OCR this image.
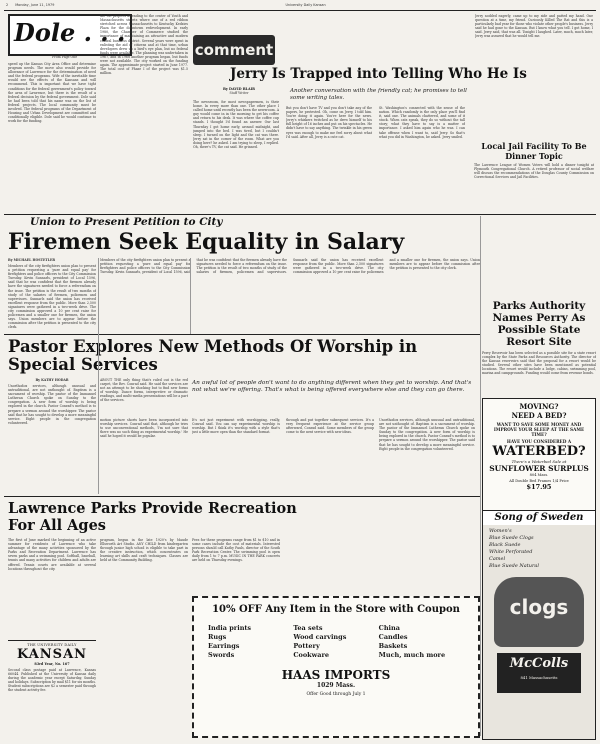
2 Monday, June 11, 1979	University Daily Kansan
Dole . . .
From Page One
speed up the Kansas City Area Office and determine program needs. The move also would provide for allowance of Lawrence for the determination of need and the federal programs. Wife of the inevitable time would see the effects of the Kansans and will recommend. This is important that we have tight conditions for the federal government's policy toward the area of Lawrence, but there is the result of a federal decision by the federal government. Dole said he had been told that his name was on the list of federal projects. The local community must be involved. The federal programs of the Department of Housing and Urban Development are committed and conditionally eligible. Dole said he would continue to work for the funding.
the CD projects attending to the center of Youth and Massachusetts streets where one of a red ribbon stretched across Massachusetts to Kentucky Kedzies Plaza for the downtown redevelopment. In early 1980, the Chamber of Commerce studied the importance of maintaining an attractive and modern central business district. Several years were spent in enlisting the aid of citizens and at that time, urban developers drew up a bird's eye plan, but no federal funds were available. The planning was undertaken in 1967, and in 1968 another program began, but funds were not available. The city worked on the funding again. The approximate project started in June 1977. The total cost of Phase I of the project was $1.5 million.
comment
Jerry Is Trapped into Telling Who He Is
By DAVID BLAIR
Staff Writer	Another conversation with the friendly cat; he promises to tell some writing tales.
The newsroom, for most newspapermen, is their home. In every more than one. The other place I called home until recently has been the newsroom. A guy would come in in the morning to get his coffee and return to his desk. It was where the coffee cup stands. I thought I'd found an answer. Our last Thursday I got home early, around midnight, and jumped into the bed. I was tired, but I couldn't sleep. I turned on the light and the cat was there. Jerry sat in the corner of the room. What are you doing here? he asked. I am trying to sleep, I replied. Oh, there's TV, the cat said. He grinned.
But you don't have TV and you don't take any of the papers, he protested. Oh, come on Jerry, I told him. You're doing it again. You're here for the news. Jerry's whiskers twitched as he drew himself to his full height of 16 inches and put on his spectacles. He didn't have to say anything. The twinkle in his green eyes was enough to make me feel sorry about what I'd said. After all, Jerry is a cute cat.
St. Washington's connected with the sense of the nation. Which randomly is the only place you'll find it, said one. The animals chattered, and some of it stuck. When cats speak, they do so without the tall story; what they have to say is a matter of importance. I asked him again who he was. I can take offense when I want to, said Jerry. So that's what you did in Washington, he asked. Jerry smiled.
Jerry nodded eagerly, came up to my side and patted my hand. One question at a time, my friend. Curiously Killed The Rat and this is a particularly bad year for those who violate other people's business. Jerry said he had gone to the Kansan. But I know what you tell. I got home, I said. Jerry said, that was all. Tonight I laughed. Later, much, much later, Jerry was assured that he would tell me.
Local Jail Facility To Be Dinner Topic
The Lawrence League of Women Voters will hold a dinner tonight at Plymouth Congregational Church. A retired professor of social welfare will discuss the recommendations of the Douglas County Commission on Correctional Services and Jail Facilities.
Union to Present Petition to City
Firemen Seek Equality in Salary
By MICHAEL HOSTETLER
Members of the city firefighters union plan to present a petition requesting a 'pure and equal pay' for firefighters and police officers to the City Commission Tuesday. Kevin Sunnarls, president of Local 1596, said that he was confident that the firemen already have the signatures needed to force a referendum on the issue. The petition is the result of two months of study of the salaries of firemen, policemen and supervisors. Sunnarls said the union has received excellent response from the public. More than 2,500 signatures were gathered in a two-week drive. The city commission approved a 10 per cent raise for policemen and a smaller one for firemen, the union says. Union members are to appear before the commission after the petition is presented to the city clerk.
Members of the city firefighters union plan to present a petition requesting a 'pure and equal pay' for firefighters and police officers to the City Commission Tuesday. Kevin Sunnarls, president of Local 1596, said that he was confident that the firemen already have the signatures needed to force a referendum on the issue. The petition is the result of two months of study of the salaries of firemen, policemen and supervisors. Sunnarls said the union has received excellent response from the public. More than 2,500 signatures were gathered in a two-week drive. The city commission approved a 10 per cent raise for policemen and a smaller one for firemen, the union says. Union members are to appear before the commission after the petition is presented to the city clerk.
Parks Authority Names Perry As Possible State Resort Site
Perry Reservoir has been selected as a possible site for a state resort complex by the State Parks and Resources Authority. The director of the Kansas reservoirs said that the proposal for a resort would be studied. Several other sites have been mentioned as potential locations. The resort would include a lodge, cabins, swimming pool, marina and campgrounds. Funding would come from revenue bonds.
Pastor Explores New Methods Of Worship in Special Services
By KATHY HODAR
Unorthodox services, although unusual and untraditional, are not unthought of. Baptism is a sacrament of worship. The pastor of the Immanuel Lutheran Church spoke on Sunday to the congregation. A new form of worship is being explored in the church. Pastor Conrad's method is to prepare a sermon around the worshipper. The pastor said that he has sought to develop a more meaningful service. Eight people in the congregation volunteered.
ABOUT THE only thing that's ruled out is the red carpet, the Rev. Conrad said. He said the services are not an attempt to be shocking but to find new forms of worship. Dance forms, interpretive or dramatic readings, and multi-media presentations will be a part of the services.
An awful lot of people don't want to do anything different when they get to worship. And that's not what we're offering. That's what is being offered everywhere else and they can go there.
motion picture shorts have been incorporated into worship services. Conrad said that, although he tries to use unconventional methods, 'I'm not sure that there was no such thing as experimental worship.' He said he hoped it would be popular.
It's not just experiment with worshipping, really, Conrad said. You can say experimental worship is worship. But I think it's worship with a style that's just a little more open than the standard format.
through and put together subsequent services. It's a very frequent experience at the service group afterward, Conrad said. Some members of the group come to the next service with new ideas.
Unorthodox services, although unusual and untraditional, are not unthought of. Baptism is a sacrament of worship. The pastor of the Immanuel Lutheran Church spoke on Sunday to the congregation. A new form of worship is being explored in the church. Pastor Conrad's method is to prepare a sermon around the worshipper. The pastor said that he has sought to develop a more meaningful service. Eight people in the congregation volunteered.
MOVING?
NEED A BED?
WANT TO SAVE SOME MONEY AND IMPROVE YOUR SLEEP AT THE SAME TIME?
HAVE YOU CONSIDERED A
WATERBED?
There's a Waterbed Sale at
SUNFLOWER SURPLUS
804 Mass.
All Double Bed Frames 1/4 Price
$17.95
Lawrence Parks Provide Recreation For All Ages
The first of June marked the beginning of an active summer for residents of Lawrence who take advantage of the many activities sponsored by the Parks and Recreation Department. Lawrence has seven parks and a swimming pool. Softball, baseball, tennis and many activities for children and adults are offered. Tennis courts are available at several locations throughout the city.
program, begun in the late 1920's by Maude Ellsworth Art Studio. ANY CHILD from kindergarten through junior high school is eligible to take part in the creative instruction, which concentrates on learning art skills and craft techniques. Classes are held at the Community Building.
Fees for these programs range from $1 to $10 and in some cases include the cost of materials. Interested persons should call Kathy Pauls, director of the South Park Recreation Center. The swimming pool is open daily from 1 to 7 p.m. MUSIC IN THE PARK concerts are held on Thursday evenings.
THE UNIVERSITY DAILY
KANSAN
83rd Year, No. 167
Second class postage paid at Lawrence, Kansas 66044. Published at the University of Kansas daily during the academic year except Saturday, Sunday and holidays. Subscription by mail $11 for six months. Student subscriptions are $2 a semester paid through the student activity fee.
Song of Sweden
Women's
Blue Suede Clogs
Black Suede
White Perforated
Camel
Blue Suede Natural
clogs
McColls
841 Massachusetts
10% OFF Any Item in the Store with Coupon
India prints	Tea sets	China
Rugs	Wood carvings	Candles
Earrings	Pottery	Baskets
Swords	Cookware	Much, much more
HAAS IMPORTS
1029 Mass.
Offer Good through July 1
